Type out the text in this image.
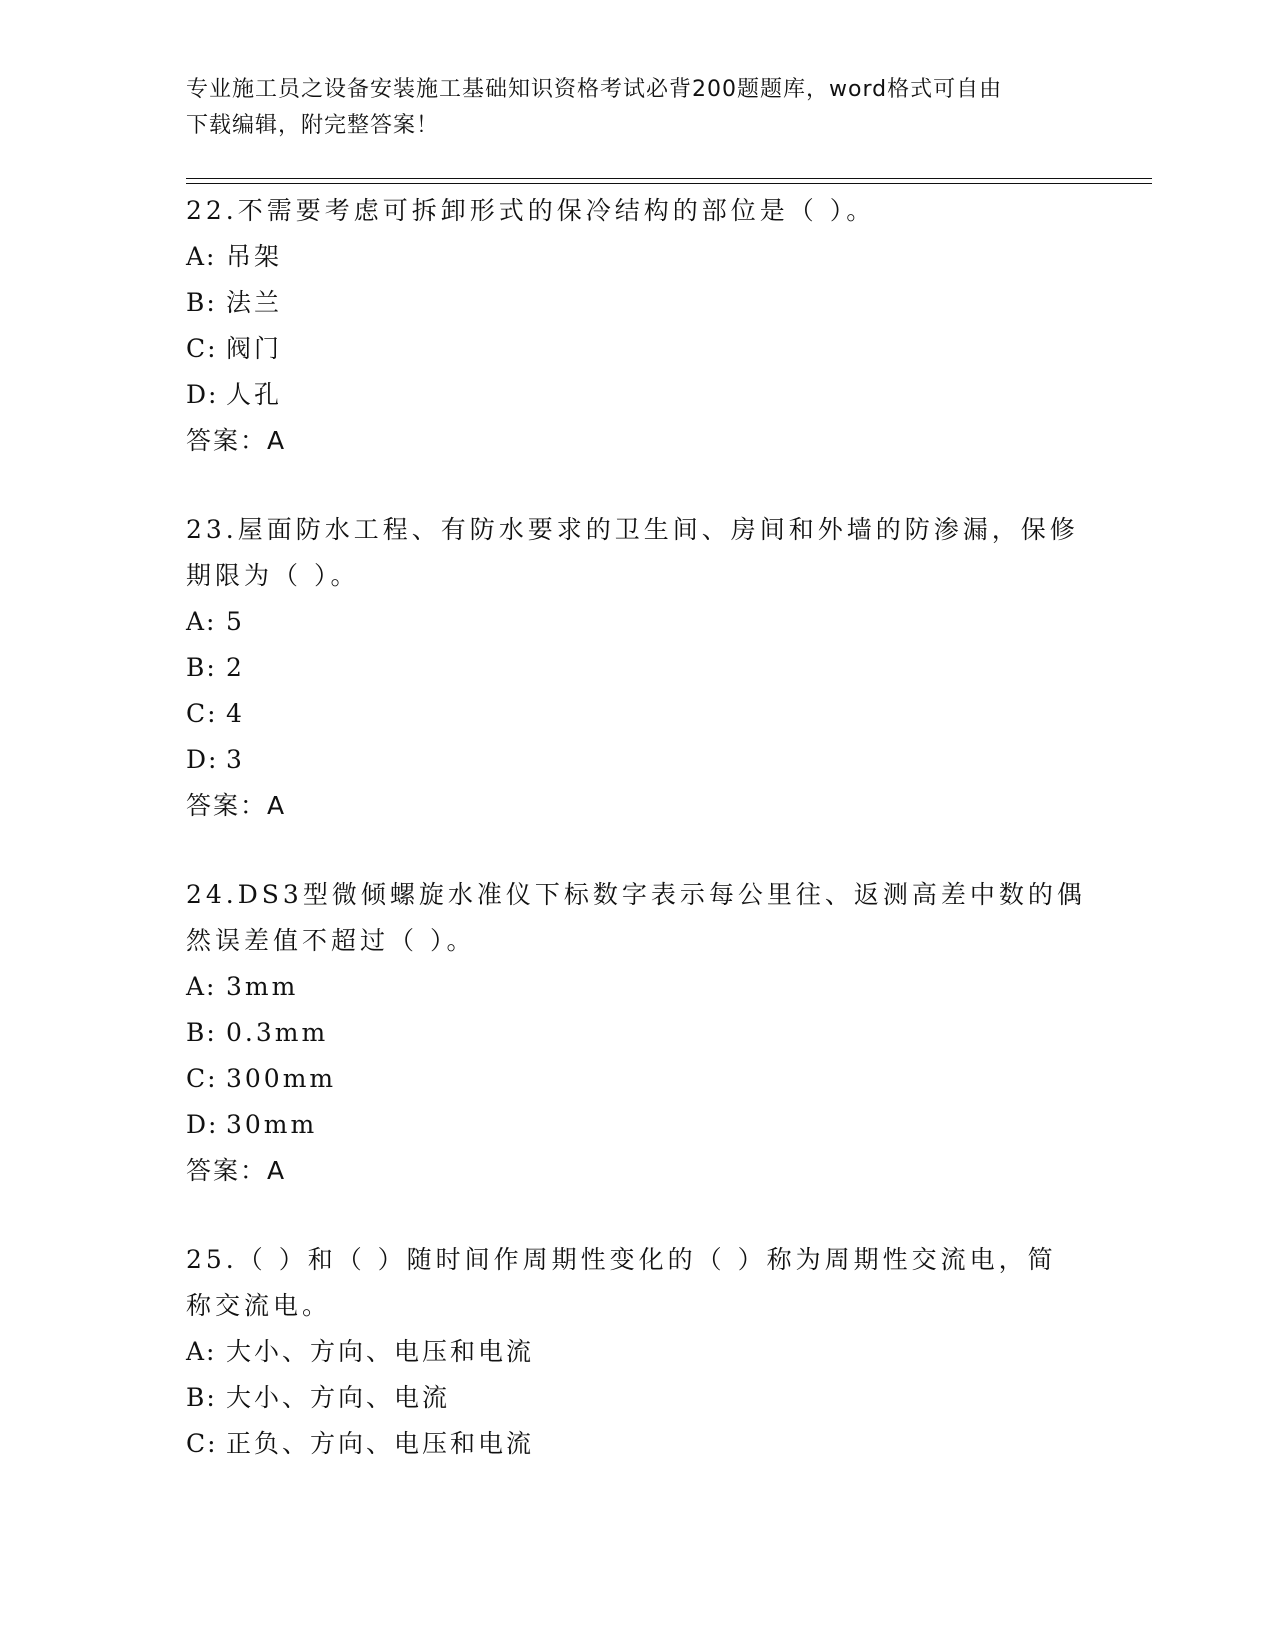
专业施工员之设备安装施工基础知识资格考试必背200题题库，word格式可自由
下载编辑，附完整答案！

22.不需要考虑可拆卸形式的保冷结构的部位是（ ）。

A: 吊架

B: 法兰

C: 阀门

D: 人孔

答案：A

23.屋面防水工程、有防水要求的卫生间、房间和外墙的防渗漏，保修

期限为（ ）。

A: 5

B: 2

C: 4

D: 3

答案：A

24.DS3型微倾螺旋水准仪下标数字表示每公里往、返测高差中数的偶

然误差值不超过（ ）。

A: 3mm

B: 0.3mm

C: 300mm

D: 30mm

答案：A

25.（ ）和（ ）随时间作周期性变化的（ ）称为周期性交流电，简

称交流电。

A: 大小、方向、电压和电流

B: 大小、方向、电流

C: 正负、方向、电压和电流
